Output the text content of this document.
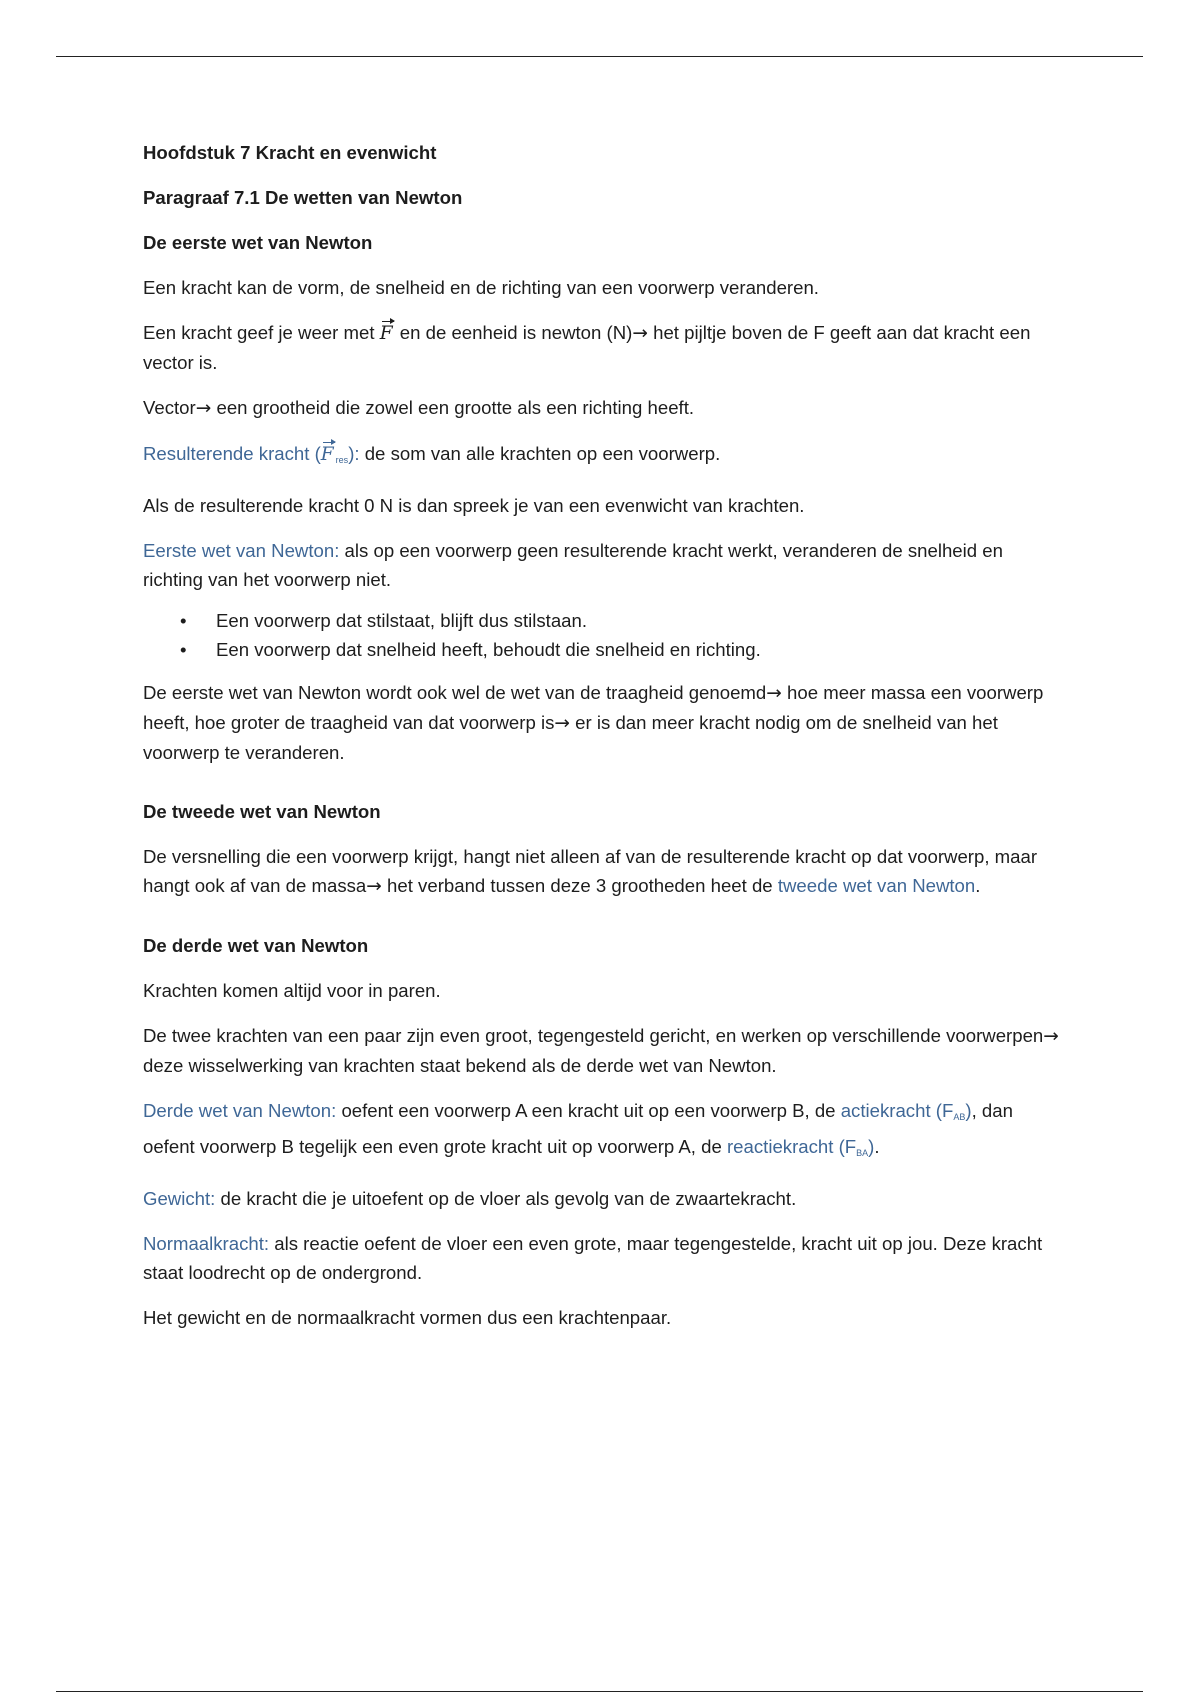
Hoofdstuk 7 Kracht en evenwicht

Paragraaf 7.1 De wetten van Newton

De eerste wet van Newton

Een kracht kan de vorm, de snelheid en de richting van een voorwerp veranderen.

Een kracht geef je weer met F en de eenheid is newton (N)→ het pijltje boven de F geeft aan dat kracht een vector is.

Vector→ een grootheid die zowel een grootte als een richting heeft.

Resulterende kracht (F $_{res}$): de som van alle krachten op een voorwerp.

Als de resulterende kracht 0 N is dan spreek je van een evenwicht van krachten.

Eerste wet van Newton: als op een voorwerp geen resulterende kracht werkt, veranderen de snelheid en richting van het voorwerp niet.

• Een voorwerp dat stilstaat, blijft dus stilstaan.
• Een voorwerp dat snelheid heeft, behoudt die snelheid en richting.

De eerste wet van Newton wordt ook wel de wet van de traagheid genoemd→ hoe meer massa een voorwerp heeft, hoe groter de traagheid van dat voorwerp is→ er is dan meer kracht nodig om de snelheid van het voorwerp te veranderen.

De tweede wet van Newton

De versnelling die een voorwerp krijgt, hangt niet alleen af van de resulterende kracht op dat voorwerp, maar hangt ook af van de massa→ het verband tussen deze 3 grootheden heet de tweede wet van Newton.

De derde wet van Newton

Krachten komen altijd voor in paren.

De twee krachten van een paar zijn even groot, tegengesteld gericht, en werken op verschillende voorwerpen→ deze wisselwerking van krachten staat bekend als de derde wet van Newton.

Derde wet van Newton: oefent een voorwerp A een kracht uit op een voorwerp B, de actiekracht $(F_{AB})$, dan oefent voorwerp B tegelijk een even grote kracht uit op voorwerp A, de reactiekracht $(F_{BA})$.

Gewicht: de kracht die je uitoefent op de vloer als gevolg van de zwaartekracht.

Normaalkracht: als reactie oefent de vloer een even grote, maar tegengestelde, kracht uit op jou. Deze kracht staat loodrecht op de ondergrond.

Het gewicht en de normaalkracht vormen dus een krachtenpaar.
